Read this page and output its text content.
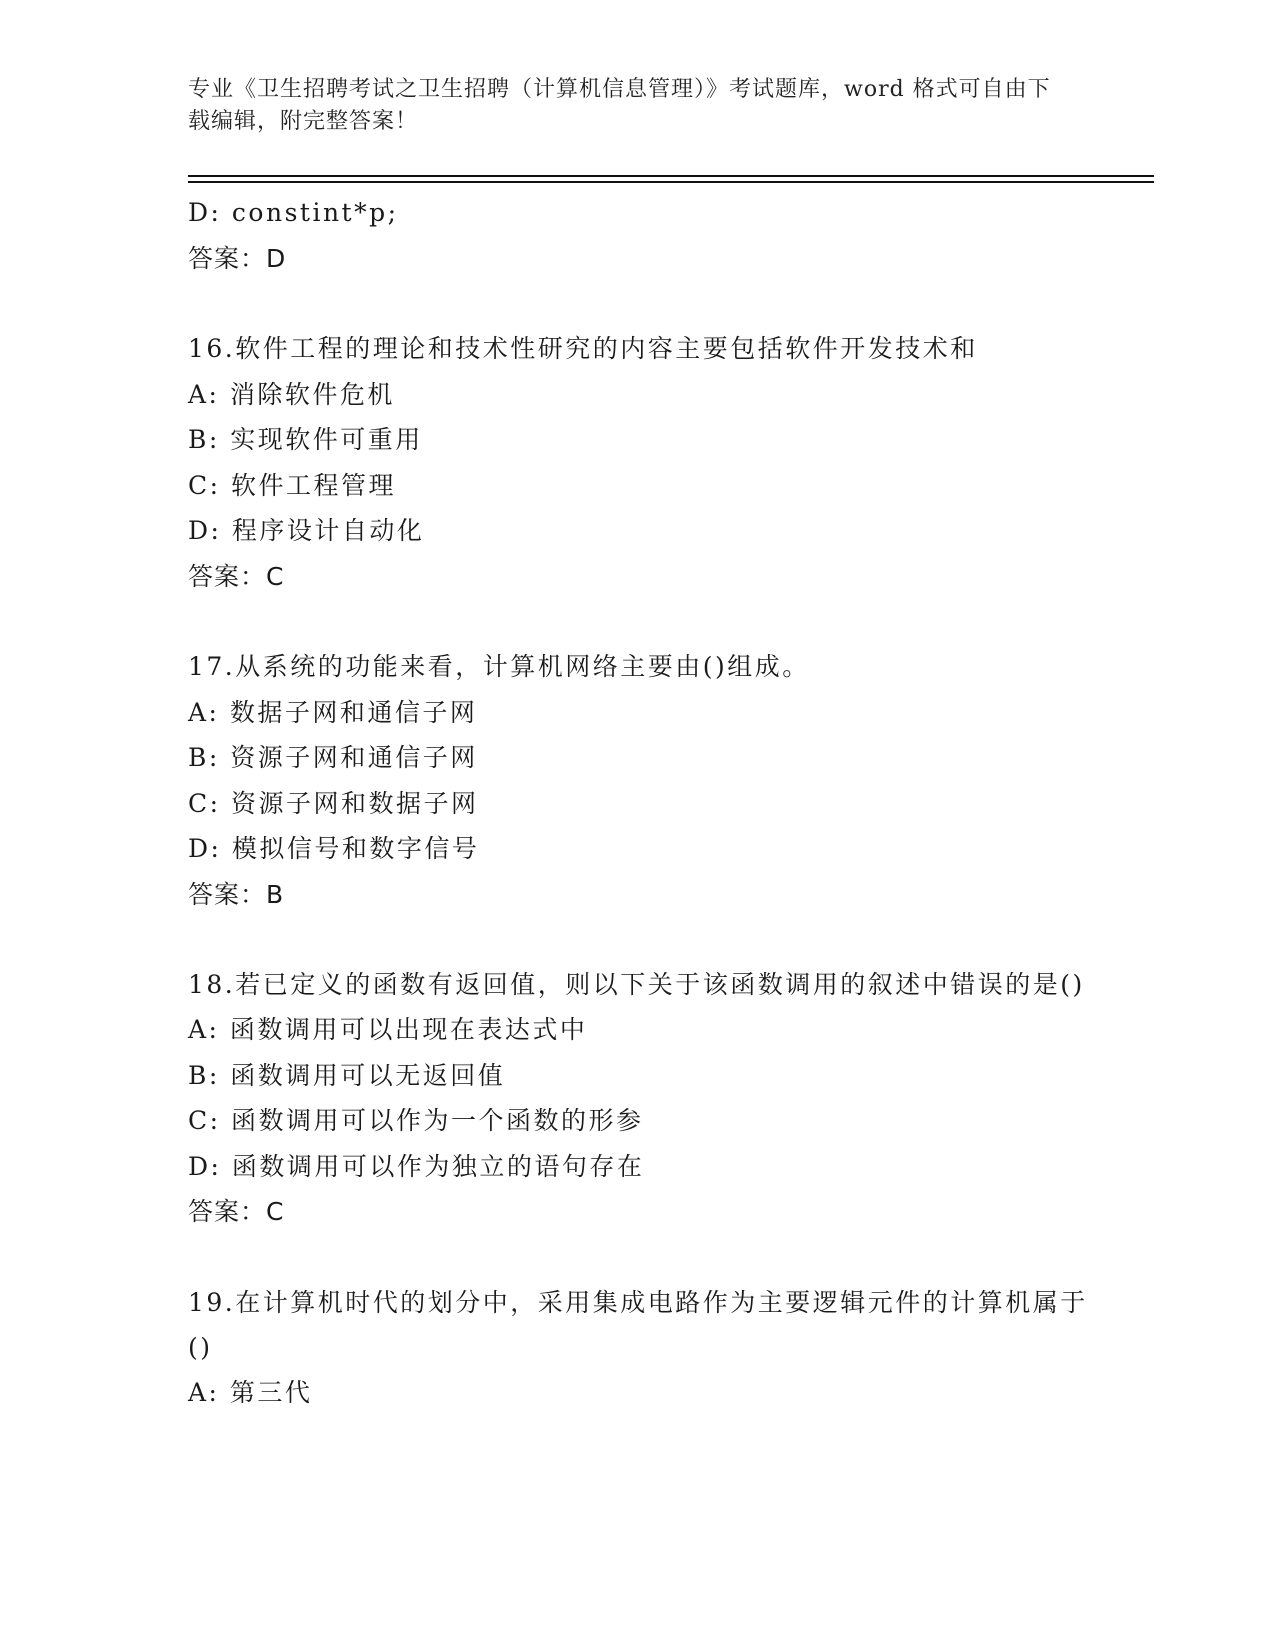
专业《卫生招聘考试之卫生招聘（计算机信息管理）》考试题库，word 格式可自由下载编辑，附完整答案！
D: constint*p;
答案：D
16.软件工程的理论和技术性研究的内容主要包括软件开发技术和
A: 消除软件危机
B: 实现软件可重用
C: 软件工程管理
D: 程序设计自动化
答案：C
17.从系统的功能来看，计算机网络主要由()组成。
A: 数据子网和通信子网
B: 资源子网和通信子网
C: 资源子网和数据子网
D: 模拟信号和数字信号
答案：B
18.若已定义的函数有返回值，则以下关于该函数调用的叙述中错误的是()
A: 函数调用可以出现在表达式中
B: 函数调用可以无返回值
C: 函数调用可以作为一个函数的形参
D: 函数调用可以作为独立的语句存在
答案：C
19.在计算机时代的划分中，采用集成电路作为主要逻辑元件的计算机属于()
A: 第三代
